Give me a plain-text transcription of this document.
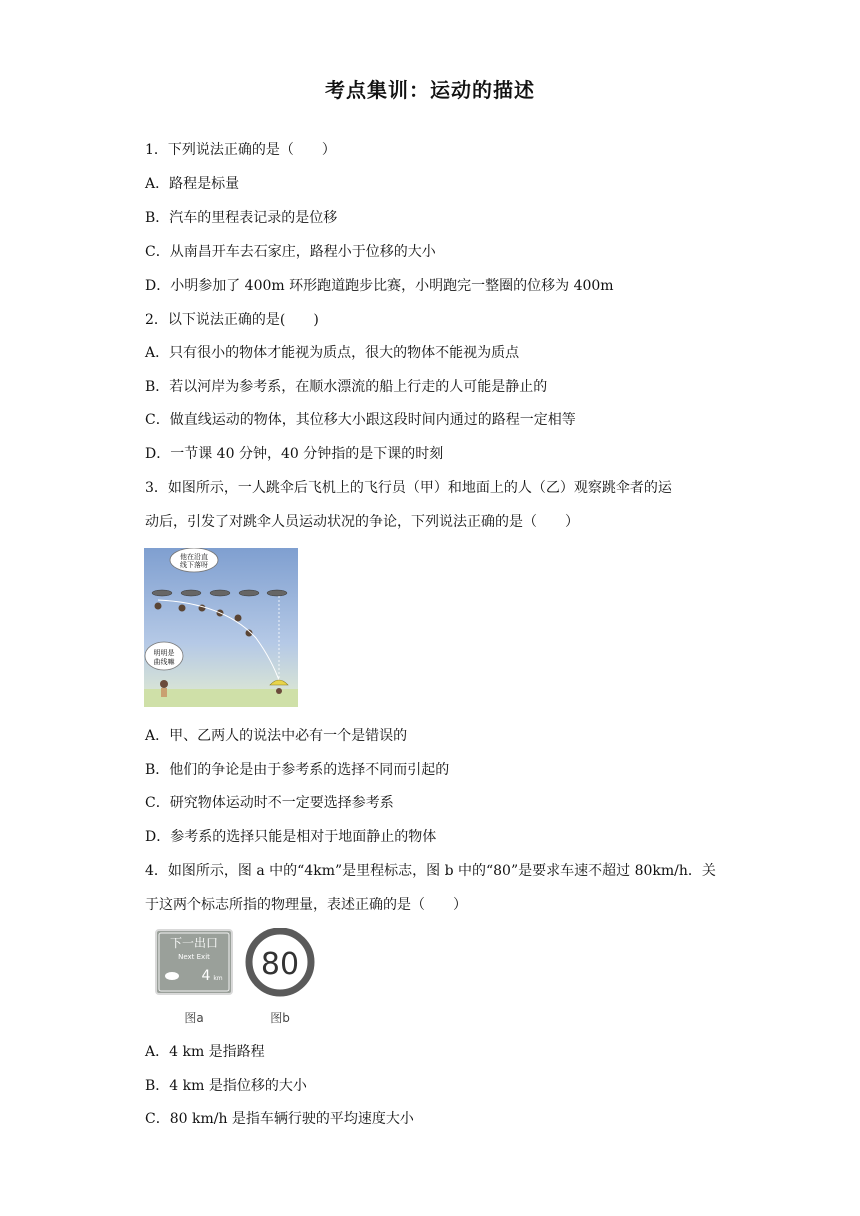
考点集训：运动的描述
1．下列说法正确的是（　　）
A．路程是标量
B．汽车的里程表记录的是位移
C．从南昌开车去石家庄，路程小于位移的大小
D．小明参加了 400m 环形跑道跑步比赛，小明跑完一整圈的位移为 400m
2．以下说法正确的是(　　)
A．只有很小的物体才能视为质点，很大的物体不能视为质点
B．若以河岸为参考系，在顺水漂流的船上行走的人可能是静止的
C．做直线运动的物体，其位移大小跟这段时间内通过的路程一定相等
D．一节课 40 分钟，40 分钟指的是下课的时刻
3．如图所示，一人跳伞后飞机上的飞行员（甲）和地面上的人（乙）观察跳伞者的运
动后，引发了对跳伞人员运动状况的争论，下列说法正确的是（　　）
他在沿直
线下落呀
明明是
曲线嘛
A．甲、乙两人的说法中必有一个是错误的
B．他们的争论是由于参考系的选择不同而引起的
C．研究物体运动时不一定要选择参考系
D．参考系的选择只能是相对于地面静止的物体
4．如图所示，图 a 中的“4km”是里程标志，图 b 中的“80”是要求车速不超过 80km/h．关
于这两个标志所指的物理量，表述正确的是（　　）
下一出口
Next Exit
4 km 80
图a	图b
A．4 km 是指路程
B．4 km 是指位移的大小
C．80 km/h 是指车辆行驶的平均速度大小
